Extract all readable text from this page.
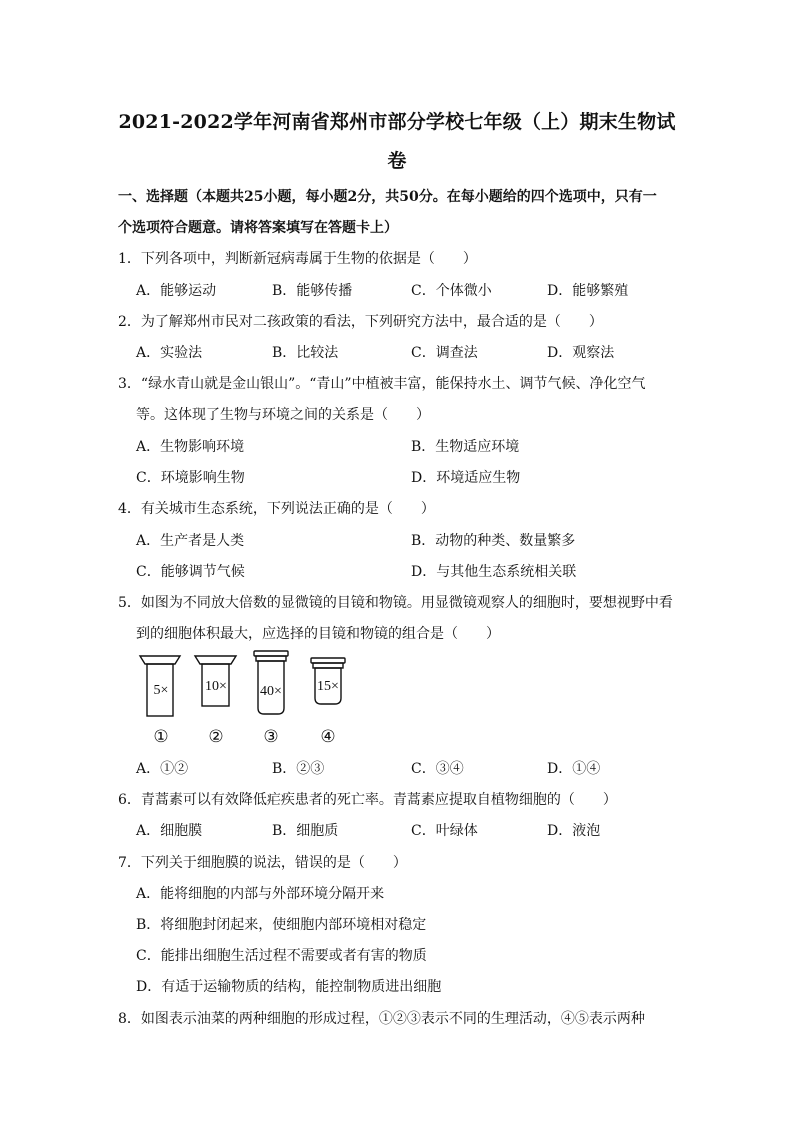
2021-2022学年河南省郑州市部分学校七年级（上）期末生物试
卷
一、选择题（本题共25小题，每小题2分，共50分。在每小题给的四个选项中，只有一
个选项符合题意。请将答案填写在答题卡上）
1．下列各项中，判断新冠病毒属于生物的依据是（　　）
A．能够运动	B．能够传播	C．个体微小	D．能够繁殖
2．为了解郑州市民对二孩政策的看法，下列研究方法中，最合适的是（　　）
A．实验法	B．比较法	C．调查法	D．观察法
3．“绿水青山就是金山银山”。“青山”中植被丰富，能保持水土、调节气候、净化空气
等。这体现了生物与环境之间的关系是（　　）
A．生物影响环境	B．生物适应环境
C．环境影响生物	D．环境适应生物
4．有关城市生态系统，下列说法正确的是（　　）
A．生产者是人类	B．动物的种类、数量繁多
C．能够调节气候	D．与其他生态系统相关联
5．如图为不同放大倍数的显微镜的目镜和物镜。用显微镜观察人的细胞时，要想视野中看
到的细胞体积最大，应选择的目镜和物镜的组合是（　　）
5×	10× 40×	15×
① ② ③ ④
A．①②	B．②③	C．③④	D．①④
6．青蒿素可以有效降低疟疾患者的死亡率。青蒿素应提取自植物细胞的（　　）
A．细胞膜	B．细胞质	C．叶绿体	D．液泡
7．下列关于细胞膜的说法，错误的是（　　）
A．能将细胞的内部与外部环境分隔开来
B．将细胞封闭起来，使细胞内部环境相对稳定
C．能排出细胞生活过程不需要或者有害的物质
D．有适于运输物质的结构，能控制物质进出细胞
8．如图表示油菜的两种细胞的形成过程，①②③表示不同的生理活动，④⑤表示两种
